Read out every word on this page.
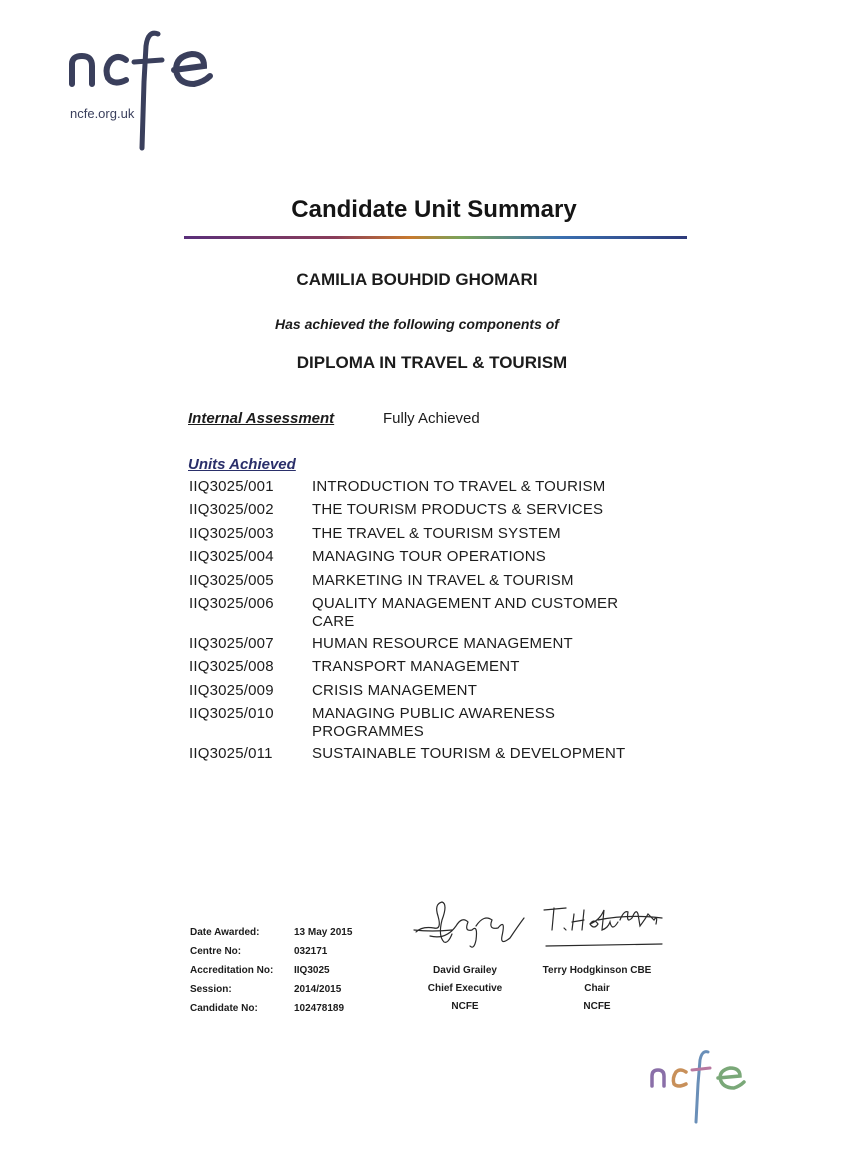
ncfe.org.uk
Candidate Unit Summary
CAMILIA BOUHDID GHOMARI
Has achieved the following components of
DIPLOMA IN TRAVEL & TOURISM
Internal Assessment	Fully Achieved
Units Achieved
IIQ3025/001	INTRODUCTION TO TRAVEL & TOURISM
IIQ3025/002	THE TOURISM PRODUCTS & SERVICES
IIQ3025/003	THE TRAVEL & TOURISM SYSTEM
IIQ3025/004	MANAGING TOUR OPERATIONS
IIQ3025/005	MARKETING IN TRAVEL & TOURISM
IIQ3025/006	QUALITY MANAGEMENT AND CUSTOMER CARE
IIQ3025/007	HUMAN RESOURCE MANAGEMENT
IIQ3025/008	TRANSPORT MANAGEMENT
IIQ3025/009	CRISIS MANAGEMENT
IIQ3025/010	MANAGING PUBLIC AWARENESS PROGRAMMES
IIQ3025/011	SUSTAINABLE TOURISM & DEVELOPMENT
Date Awarded:	13 May 2015
Centre No:	032171
Accreditation No:	IIQ3025
Session:	2014/2015
Candidate No:	102478189
David Grailey
Chief Executive
NCFE
Terry Hodgkinson CBE
Chair
NCFE
